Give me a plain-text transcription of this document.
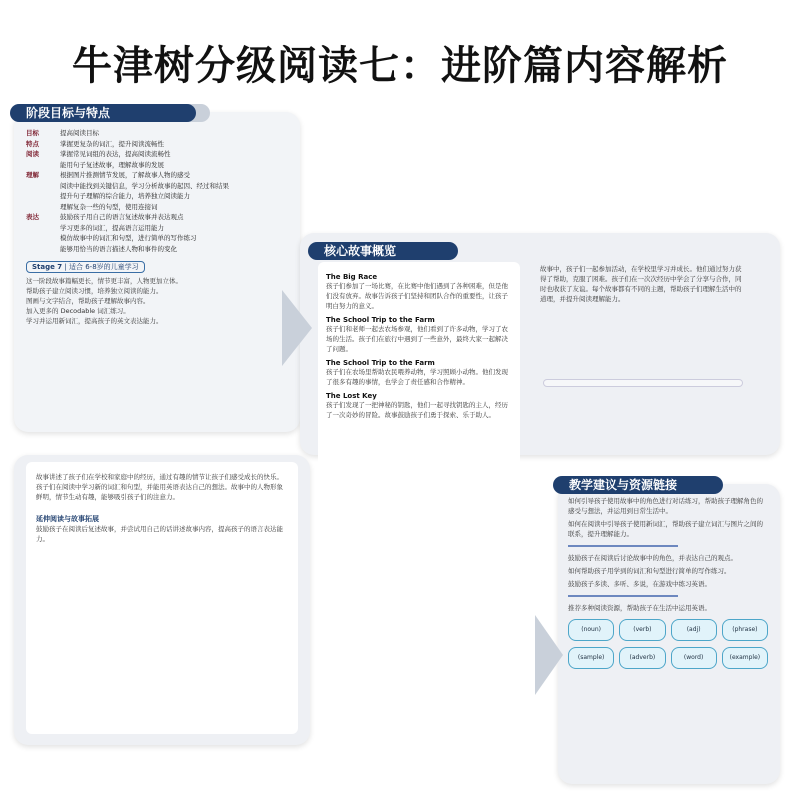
牛津树分级阅读七：进阶篇内容解析
阶段目标与特点
目标	提高阅读目标
特点	掌握更复杂的词汇，提升阅读流畅性
阅读	掌握常见词组的表达，提高阅读流畅性
能用句子复述故事，理解故事的发展
理解	根据图片推测情节发展，了解故事人物的感受
阅读中能找到关键信息，学习分析故事的起因、经过和结果
提升句子理解的综合能力，培养独立阅读能力
理解复杂一些的句型，使用连接词
表达	鼓励孩子用自己的语言复述故事并表达观点
学习更多的词汇，提高语言运用能力
模仿故事中的词汇和句型，进行简单的写作练习
能够用恰当的语言描述人物和事件的变化
Stage 7 | 适合 6-8岁的儿童学习
这一阶段故事篇幅更长，情节更丰富，人物更加立体。
帮助孩子建立阅读习惯，培养独立阅读的能力。
图画与文字结合，帮助孩子理解故事内容。
加入更多的 Decodable 词汇练习。
学习并运用新词汇，提高孩子的英文表达能力。
核心故事概览
The Big Race
孩子们参加了一场比赛，在比赛中他们遇到了各种困难，但是他们没有放弃。故事告诉孩子们坚持和团队合作的重要性，让孩子明白努力的意义。
The School Trip to the Farm
孩子们和老师一起去农场参观，他们看到了许多动物，学习了农场的生活。孩子们在旅行中遇到了一些意外，最终大家一起解决了问题。
The School Trip to the Farm
孩子们在农场里帮助农民喂养动物，学习照顾小动物。他们发现了很多有趣的事情，也学会了责任感和合作精神。
The Lost Key
孩子们发现了一把神秘的钥匙，他们一起寻找钥匙的主人，经历了一次奇妙的冒险。故事鼓励孩子们勇于探索、乐于助人。
故事中，孩子们一起参加活动，在学校里学习并成长。他们通过努力获得了帮助，克服了困难。孩子们在一次次经历中学会了分享与合作，同时也收获了友谊。每个故事都有不同的主题，帮助孩子们理解生活中的道理，并提升阅读理解能力。
故事讲述了孩子们在学校和家庭中的经历，通过有趣的情节让孩子们感受成长的快乐。孩子们在阅读中学习新的词汇和句型，并能用英语表达自己的想法。故事中的人物形象鲜明，情节生动有趣，能够吸引孩子们的注意力。
延伸阅读与故事拓展
鼓励孩子在阅读后复述故事，并尝试用自己的话讲述故事内容，提高孩子的语言表达能力。
教学建议与资源链接
如何引导孩子使用故事中的角色进行对话练习，帮助孩子理解角色的感受与想法，并运用到日常生活中。
如何在阅读中引导孩子使用新词汇，帮助孩子建立词汇与图片之间的联系，提升理解能力。
鼓励孩子在阅读后讨论故事中的角色，并表达自己的观点。
如何帮助孩子用学到的词汇和句型进行简单的写作练习。
鼓励孩子多读、多听、多说，在游戏中练习英语。
推荐多种阅读资源，帮助孩子在生活中运用英语。
(noun)	(verb)	(adj)	(phrase)
(sample)	(adverb)	(word)	(example)
